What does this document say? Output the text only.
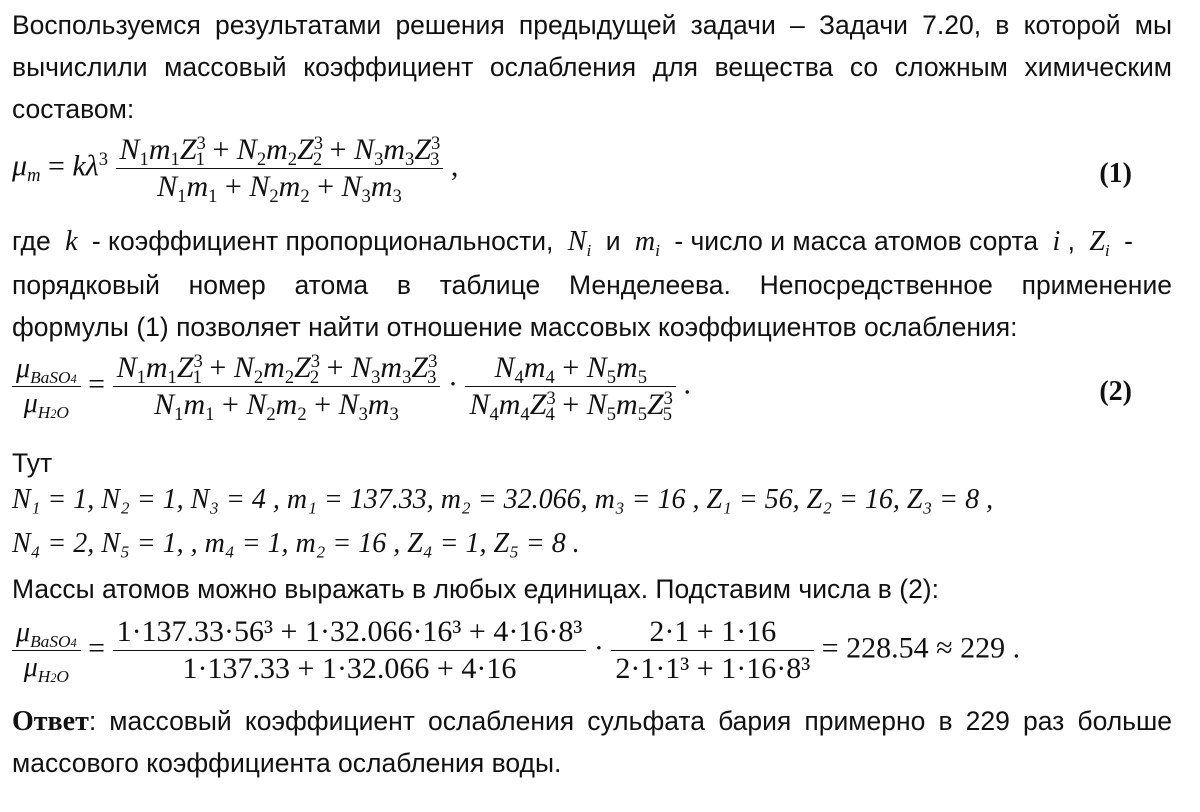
Воспользуемся результатами решения предыдущей задачи – Задачи 7.20, в которой мы
вычислили массовый коэффициент ослабления для вещества со сложным химическим
составом:
$\mu m = k\lambda^3 \frac{N1m1Z^31 + N2m2Z^32 + N3m3Z^33}{N1m1 + N2m2 + N3m3}$ ,	(1)
где  k  - коэффициент пропорциональности,  Ni и  mi - число и масса атомов сорта  i ,  Zi -
порядковый номер атома в таблице Менделеева. Непосредственное применение
формулы (1) позволяет найти отношение массовых коэффициентов ослабления:
$\frac{\text{μBaSO4}}{\mu H2O} = \frac{N1m1Z^31 + N2m2Z^32 + N3m3Z^33}{N1m1 + N2m2 + N3m3} \cdot \frac{N4m4 + N5m5}{N4m4Z^34 + N5m5Z^35}$ .	(2)
Тут
N₁ = 1, N₂ = 1, N₃ = 4 , m₁ = 137.33, m₂ = 32.066, m₃ = 16 , Z₁ = 56, Z₂ = 16, Z₃ = 8 ,
N₄ = 2, N₅ = 1, , m₄ = 1, m₂ = 16 , Z₄ = 1, Z₅ = 8 .
Массы атомов можно выражать в любых единицах. Подставим числа в (2):
$\frac{\text{μBaSO4}}{\mu H2O} = \frac{\text{1·137.33·56³ + 1·32.066·16³ + 4·16·8³}}{1\cdot 137.33 + 1\cdot 32.066 + 4\cdot 16} \cdot \frac{2\cdot 1 + 1\cdot 16}{\text{2·1·1³ + 1·16·8³}} = 228.54 \approx 229$ .
Ответ: массовый коэффициент ослабления сульфата бария примерно в 229 раз больше
массового коэффициента ослабления воды.
